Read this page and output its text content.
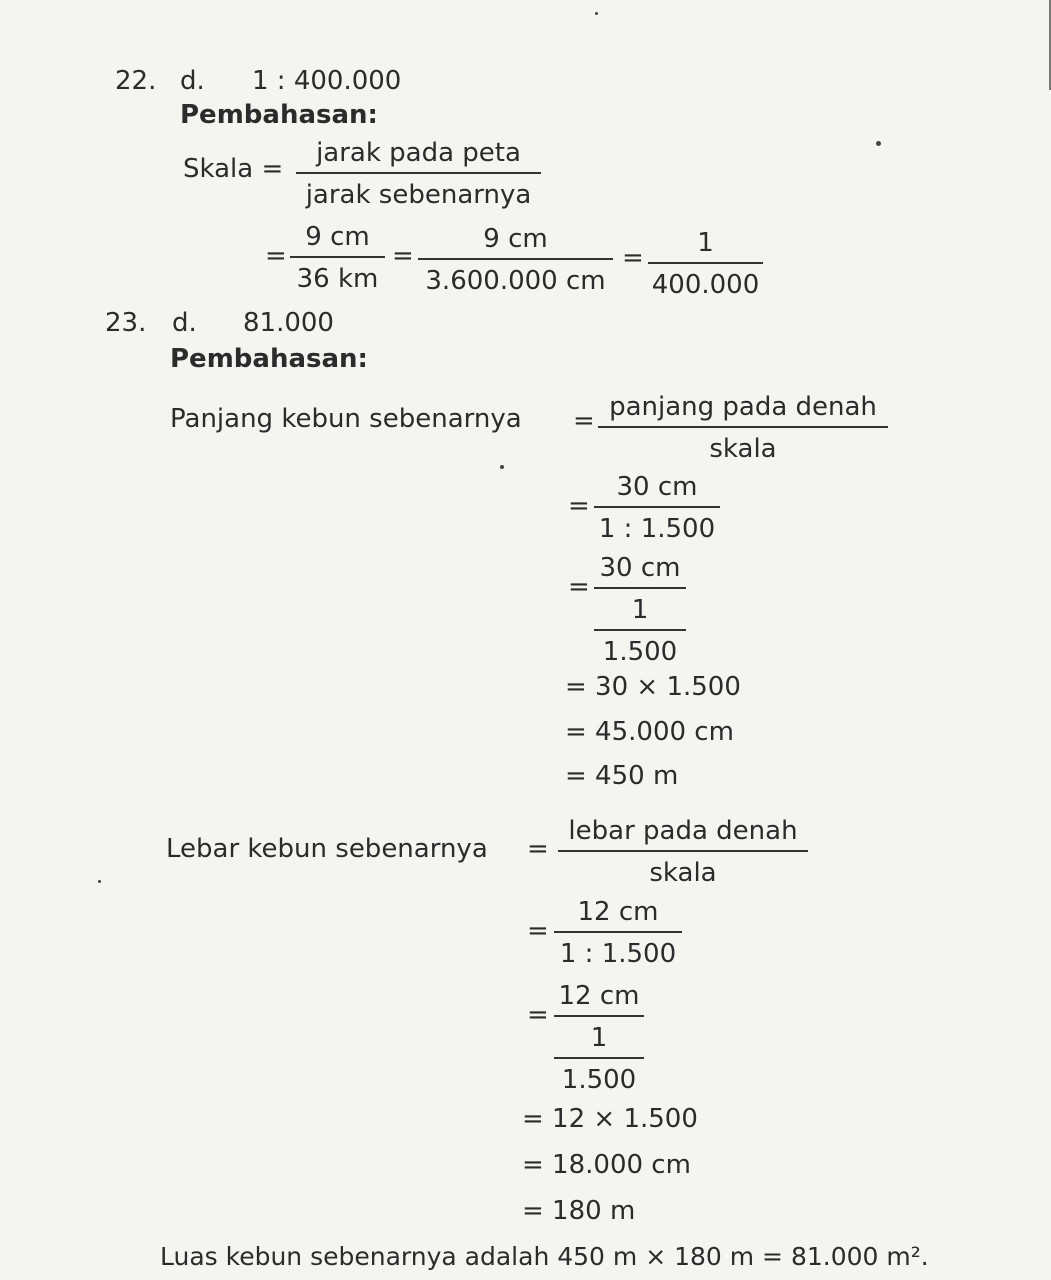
22. d. 1 : 400.000
Pembahasan:
Skala =
jarak pada peta
jarak sebenarnya
=
9 cm
36 km
=
9 cm
3.600.000 cm
=	1
400.000
23. d. 81.000
Pembahasan:
Panjang kebun sebenarnya = panjang pada denah
skala
=
30 cm
1 : 1.500
=
30 cm
1
1.500
= 30 × 1.500
= 45.000 cm
= 450 m
Lebar kebun sebenarnya =
lebar pada denah
skala
=
12 cm
1 : 1.500
=
12 cm
1
1.500
= 12 × 1.500
= 18.000 cm
= 180 m
Luas kebun sebenarnya adalah 450 m × 180 m = 81.000 m².
